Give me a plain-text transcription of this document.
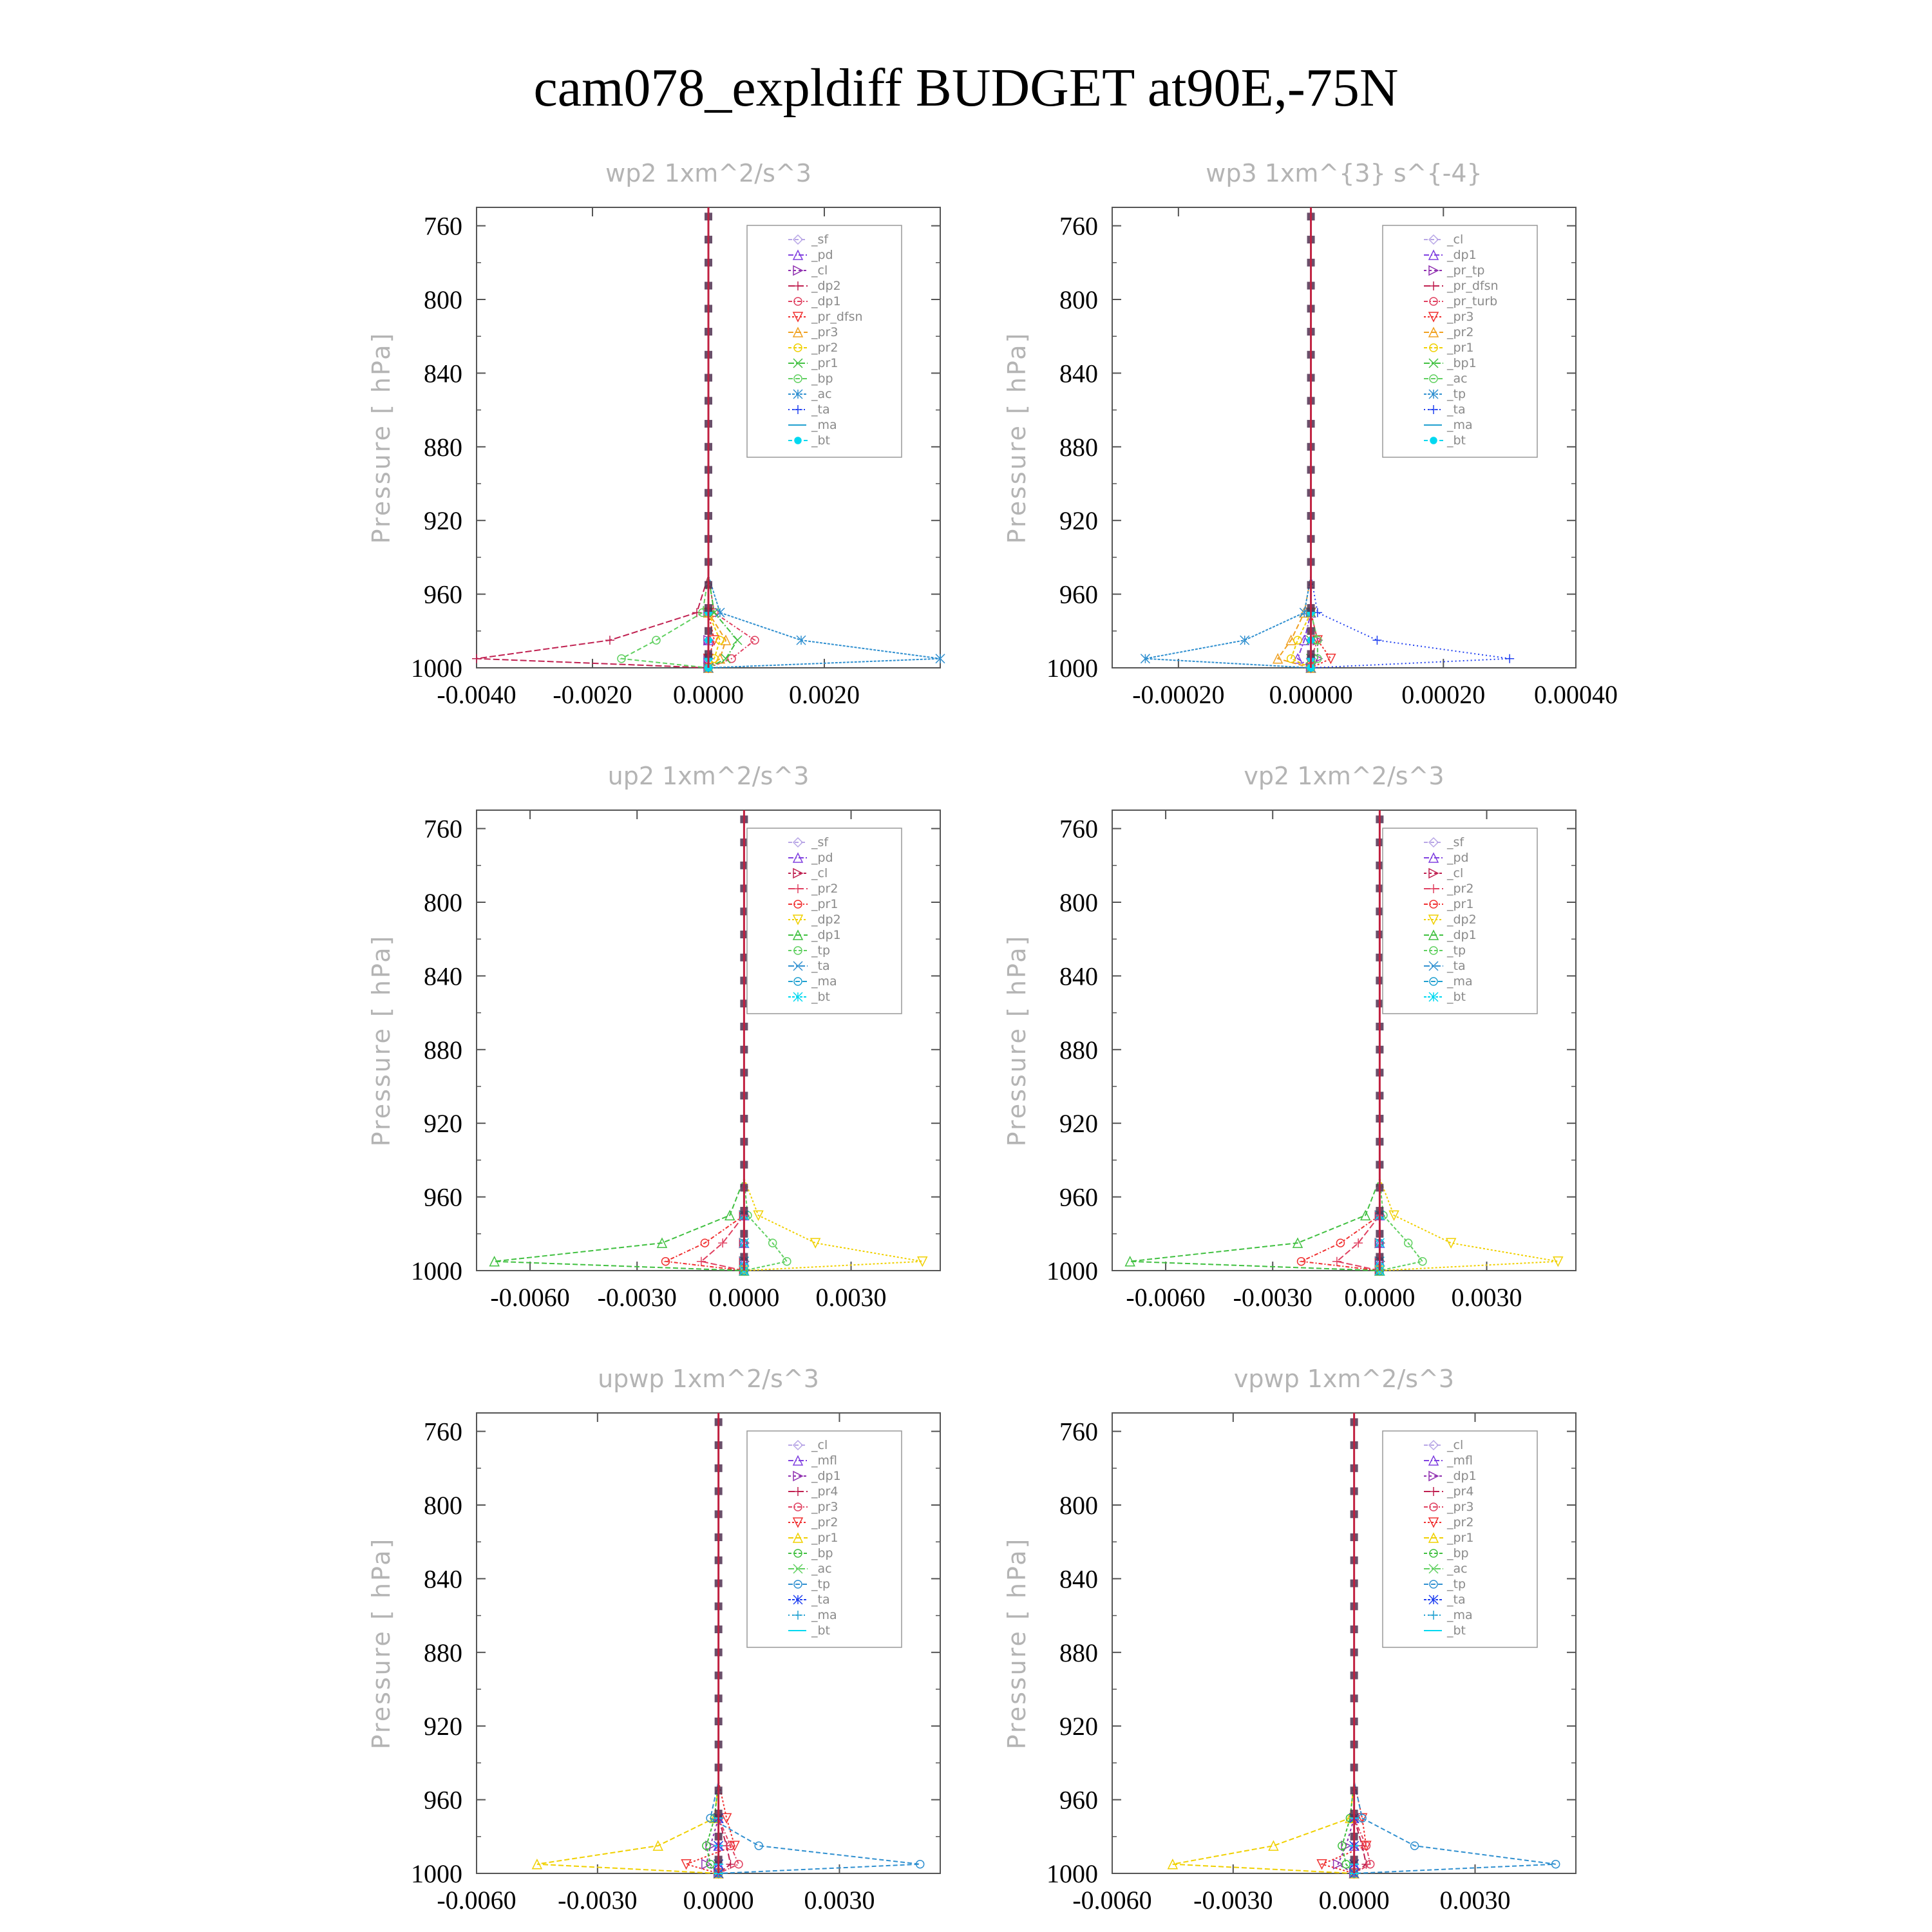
cam078_expldiff BUDGET at90E,-75N
wp2 1xm^2/s^3
Pressure [ hPa]
760
800
840
880
920
960
1000
-0.0040 -0.0020 0.0000 0.0020
_sf
_pd
_cl
_dp2
_dp1
_pr_dfsn
_pr3
_pr2
_pr1
_bp
_ac
_ta
_ma
_bt
wp3 1xm^{3} s^{-4}
Pressure [ hPa]
760
800
840
880
920
960
1000
-0.00020 0.00000 0.00020 0.00040
_cl
_dp1
_pr_tp
_pr_dfsn
_pr_turb
_pr3
_pr2
_pr1
_bp1
_ac
_tp
_ta
_ma
_bt
up2 1xm^2/s^3
Pressure [ hPa]
760
800
840
880
920
960
1000
-0.0060 -0.0030 0.0000 0.0030
_sf
_pd
_cl
_pr2
_pr1
_dp2
_dp1
_tp
_ta
_ma
_bt
vp2 1xm^2/s^3
Pressure [ hPa]
760
800
840
880
920
960
1000
-0.0060 -0.0030 0.0000 0.0030
_sf
_pd
_cl
_pr2
_pr1
_dp2
_dp1
_tp
_ta
_ma
_bt
upwp 1xm^2/s^3
Pressure [ hPa]
760
800
840
880
920
960
1000
-0.0060 -0.0030 0.0000 0.0030
_cl
_mfl
_dp1
_pr4
_pr3
_pr2
_pr1
_bp
_ac
_tp
_ta
_ma
_bt
vpwp 1xm^2/s^3
Pressure [ hPa]
760
800
840
880
920
960
1000
-0.0060 -0.0030 0.0000 0.0030
_cl
_mfl
_dp1
_pr4
_pr3
_pr2
_pr1
_bp
_ac
_tp
_ta
_ma
_bt
